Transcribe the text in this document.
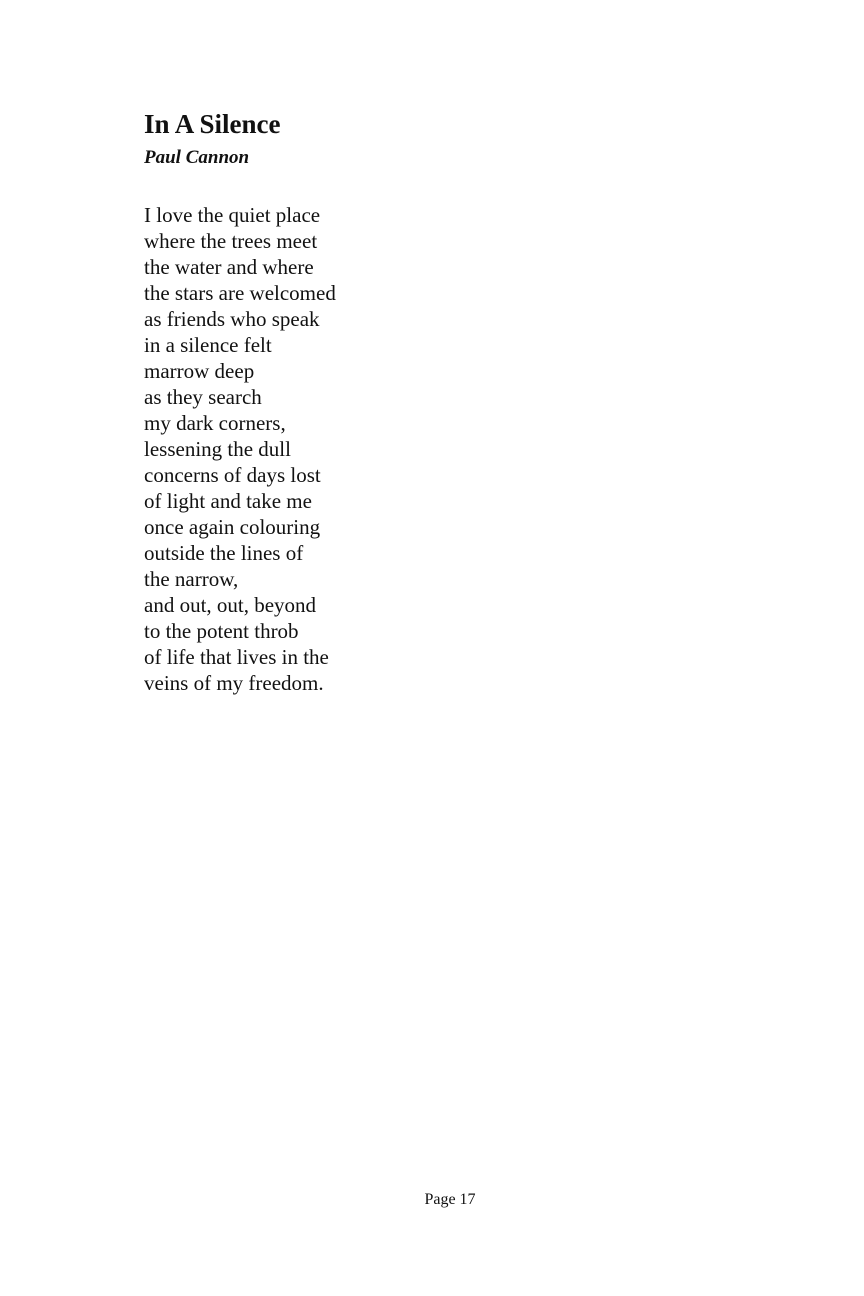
In A Silence
Paul Cannon
I love the quiet place
where the trees meet
the water and where
the stars are welcomed
as friends who speak
in a silence felt
marrow deep
as they search
my dark corners,
lessening the dull
concerns of days lost
of light and take me
once again colouring
outside the lines of
the narrow,
and out, out, beyond
to the potent throb
of life that lives in the
veins of my freedom.
Page 17
